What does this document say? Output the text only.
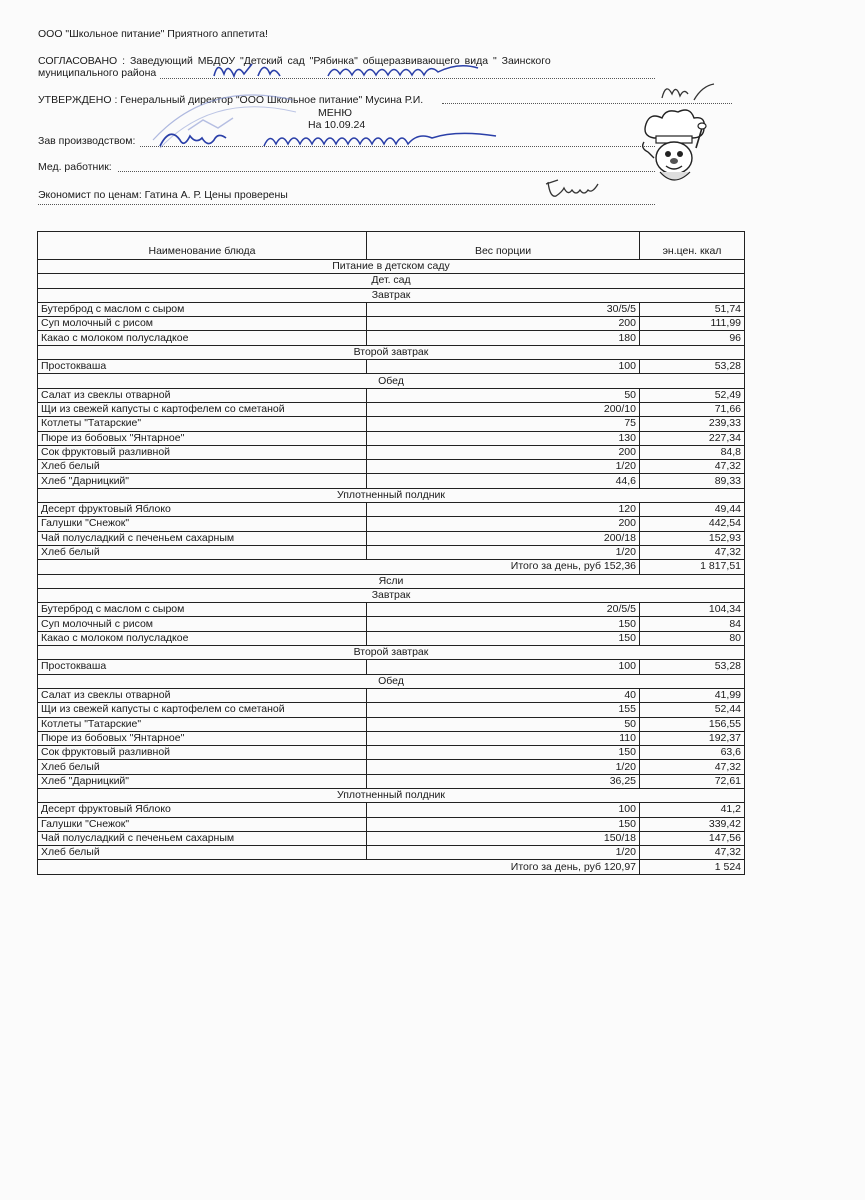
ООО "Школьное питание" Приятного аппетита!
СОГЛАСОВАНО : Заведующий МБДОУ "Детский сад "Рябинка" общеразвивающего вида " Заинского
муниципального района
УТВЕРЖДЕНО : Генеральный директор "ООО Школьное питание" Мусина Р.И.
МЕНЮ
На 10.09.24
Зав производством:
Мед. работник:
Экономист по ценам: Гатина А. Р. Цены проверены
Наименование блюда	Вес порции	эн.цен. ккал
Питание в детском саду		
Дет. сад		
Завтрак		
Бутерброд с маслом с сыром	30/5/5	51,74
Суп молочный с рисом	200	111,99
Какао с молоком полусладкое	180	96
Второй завтрак		
Простокваша	100	53,28
Обед		
Салат из свеклы отварной	50	52,49
Щи из свежей капусты с картофелем со сметаной	200/10	71,66
Котлеты "Татарские"	75	239,33
Пюре из бобовых "Янтарное"	130	227,34
Сок фруктовый разливной	200	84,8
Хлеб белый	1/20	47,32
Хлеб "Дарницкий"	44,6	89,33
Уплотненный полдник		
Десерт фруктовый Яблоко	120	49,44
Галушки "Снежок"	200	442,54
Чай полусладкий с печеньем сахарным	200/18	152,93
Хлеб белый	1/20	47,32
Итого за день, руб 152,36		1 817,51
Ясли		
Завтрак		
Бутерброд с маслом с сыром	20/5/5	104,34
Суп молочный с рисом	150	84
Какао с молоком полусладкое	150	80
Второй завтрак		
Простокваша	100	53,28
Обед		
Салат из свеклы отварной	40	41,99
Щи из свежей капусты с картофелем со сметаной	155	52,44
Котлеты "Татарские"	50	156,55
Пюре из бобовых "Янтарное"	110	192,37
Сок фруктовый разливной	150	63,6
Хлеб белый	1/20	47,32
Хлеб "Дарницкий"	36,25	72,61
Уплотненный полдник		
Десерт фруктовый Яблоко	100	41,2
Галушки "Снежок"	150	339,42
Чай полусладкий с печеньем сахарным	150/18	147,56
Хлеб белый	1/20	47,32
Итого за день, руб 120,97		1 524
